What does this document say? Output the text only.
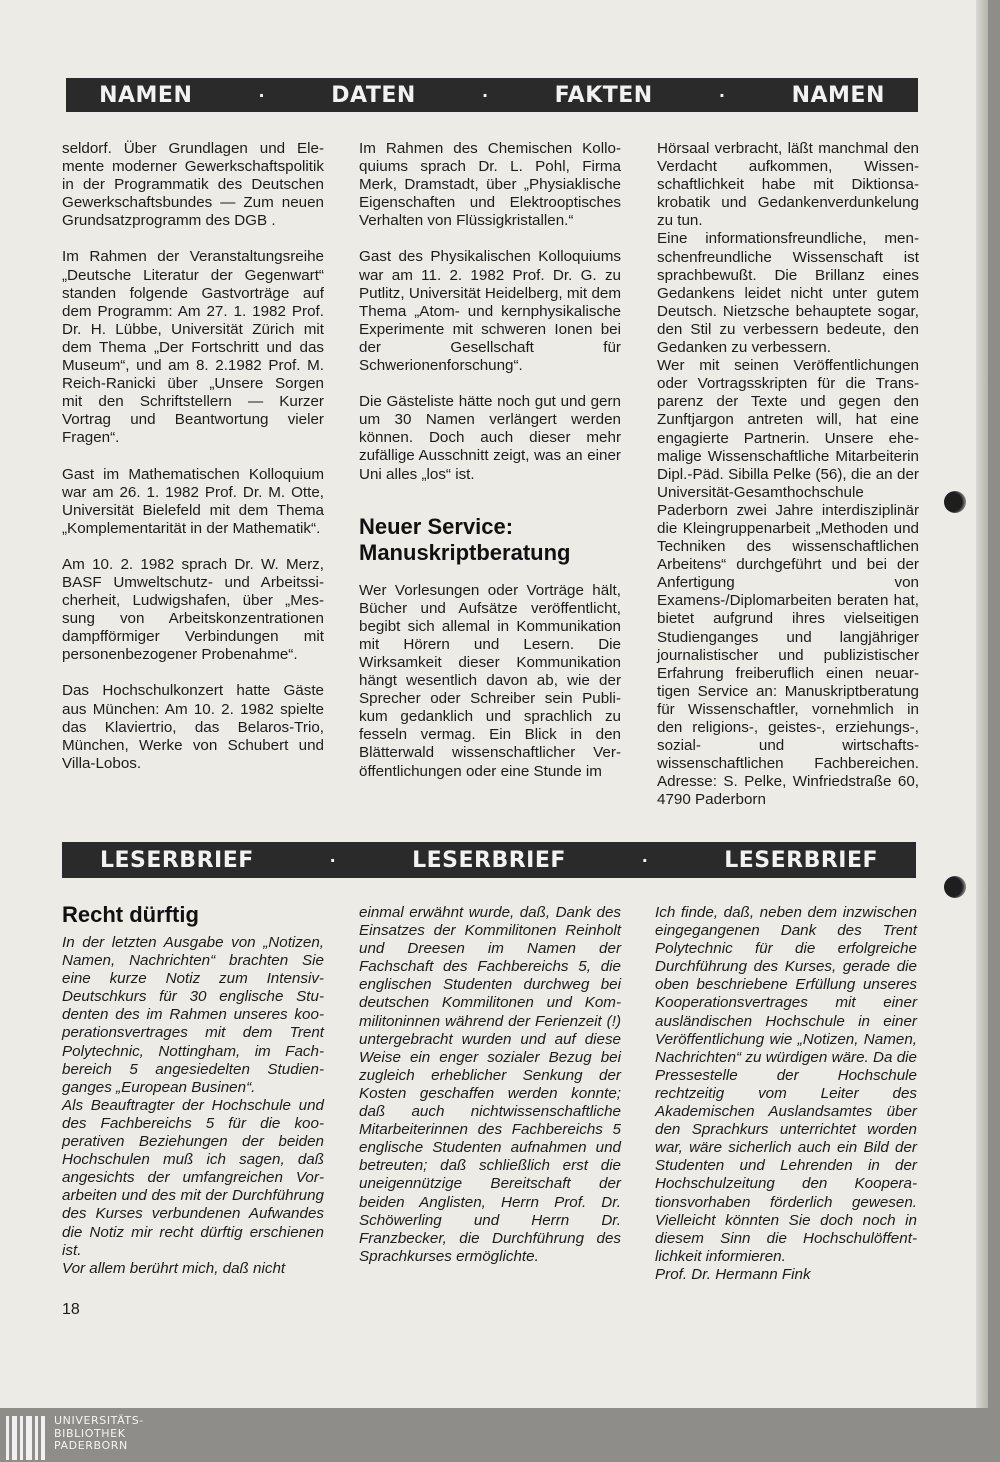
NAMEN	·	DATEN	·	FAKTEN	·	NAMEN

seldorf. Über Grundlagen und Elemente moderner Gewerkschaftspolitik in der Programmatik des Deutschen Gewerkschaftsbundes — Zum neuen Grundsatzprogramm des DGB .

Im Rahmen der Veranstaltungsreihe „Deutsche Literatur der Gegenwart“ standen folgende Gastvorträge auf dem Programm: Am 27. 1. 1982 Prof. Dr. H. Lübbe, Universität Zürich mit dem Thema „Der Fortschritt und das Museum“, und am 8. 2.1982 Prof. M. Reich-Ranicki über „Unsere Sorgen mit den Schriftstellern — Kurzer Vortrag und Beantwortung vieler Fragen“.

Gast im Mathematischen Kolloquium war am 26. 1. 1982 Prof. Dr. M. Otte, Universität Bielefeld mit dem Thema „Komplementarität in der Mathematik“.

Am 10. 2. 1982 sprach Dr. W. Merz, BASF Umweltschutz- und Arbeitssicherheit, Ludwigshafen, über „Messung von Arbeitskonzentrationen dampfförmiger Verbindungen mit personenbezogener Probenahme“.

Das Hochschulkonzert hatte Gäste aus München: Am 10. 2. 1982 spielte das Klaviertrio, das Belaros-Trio, München, Werke von Schubert und Villa-Lobos.

Im Rahmen des Chemischen Kolloquiums sprach Dr. L. Pohl, Firma Merk, Dramstadt, über „Physiaklische Eigenschaften und Elektrooptisches Verhalten von Flüssigkristallen.“

Gast des Physikalischen Kolloquiums war am 11. 2. 1982 Prof. Dr. G. zu Putlitz, Universität Heidelberg, mit dem Thema „Atom- und kernphysikalische Experimente mit schweren Ionen bei der Gesellschaft für Schwerionenforschung“.

Die Gästeliste hätte noch gut und gern um 30 Namen verlängert werden können. Doch auch dieser mehr zufällige Ausschnitt zeigt, was an einer Uni alles „los“ ist.

Neuer Service:
Manuskriptberatung

Wer Vorlesungen oder Vorträge hält, Bücher und Aufsätze veröffentlicht, begibt sich allemal in Kommunikation mit Hörern und Lesern. Die Wirksamkeit dieser Kommunikation hängt wesentlich davon ab, wie der Sprecher oder Schreiber sein Publikum gedanklich und sprachlich zu fesseln vermag. Ein Blick in den Blätterwald wissenschaftlicher Veröffentlichungen oder eine Stunde im

Hörsaal verbracht, läßt manchmal den Verdacht aufkommen, Wissenschaftlichkeit habe mit Diktionsakrobatik und Gedankenverdunkelung zu tun.

Eine informationsfreundliche, menschenfreundliche Wissenschaft ist sprachbewußt. Die Brillanz eines Gedankens leidet nicht unter gutem Deutsch. Nietzsche behauptete sogar, den Stil zu verbessern bedeute, den Gedanken zu verbessern.

Wer mit seinen Veröffentlichungen oder Vortragsskripten für die Transparenz der Texte und gegen den Zunftjargon antreten will, hat eine engagierte Partnerin. Unsere ehemalige Wissenschaftliche Mitarbeiterin Dipl.-Päd. Sibilla Pelke (56), die an der Universität-Gesamthochschule Paderborn zwei Jahre interdisziplinär die Kleingruppenarbeit „Methoden und Techniken des wissenschaftlichen Arbeitens“ durchgeführt und bei der Anfertigung von Examens-/Diplomarbeiten beraten hat, bietet aufgrund ihres vielseitigen Studienganges und langjähriger journalistischer und publizistischer Erfahrung freiberuflich einen neuartigen Service an: Manuskriptberatung für Wissenschaftler, vornehmlich in den religions-, geistes-, erziehungs-, sozial- und wirtschaftswissenschaftlichen Fachbereichen. Adresse: S. Pelke, Winfriedstraße 60, 4790 Paderborn

LESERBRIEF	·	LESERBRIEF	·	LESERBRIEF
Recht dürftig

In der letzten Ausgabe von „Notizen, Namen, Nachrichten“ brachten Sie eine kurze Notiz zum Intensiv-Deutschkurs für 30 englische Studenten des im Rahmen unseres kooperationsvertrages mit dem Trent Polytechnic, Nottingham, im Fachbereich 5 angesiedelten Studienganges „European Businen“.

Als Beauftragter der Hochschule und des Fachbereichs 5 für die kooperativen Beziehungen der beiden Hochschulen muß ich sagen, daß angesichts der umfangreichen Vorarbeiten und des mit der Durchführung des Kurses verbundenen Aufwandes die Notiz mir recht dürftig erschienen ist.

Vor allem berührt mich, daß nicht

einmal erwähnt wurde, daß, Dank des Einsatzes der Kommilitonen Reinholt und Dreesen im Namen der Fachschaft des Fachbereichs 5, die englischen Studenten durchweg bei deutschen Kommilitonen und Kommilitoninnen während der Ferienzeit (!) untergebracht wurden und auf diese Weise ein enger sozialer Bezug bei zugleich erheblicher Senkung der Kosten geschaffen werden konnte; daß auch nichtwissenschaftliche Mitarbeiterinnen des Fachbereichs 5 englische Studenten aufnahmen und betreuten; daß schließlich erst die uneigennützige Bereitschaft der beiden Anglisten, Herrn Prof. Dr. Schöwerling und Herrn Dr. Franzbecker, die Durchführung des Sprachkurses ermöglichte.

Ich finde, daß, neben dem inzwischen eingegangenen Dank des Trent Polytechnic für die erfolgreiche Durchführung des Kurses, gerade die oben beschriebene Erfüllung unseres Kooperationsvertrages mit einer ausländischen Hochschule in einer Veröffentlichung wie „Notizen, Namen, Nachrichten“ zu würdigen wäre. Da die Pressestelle der Hochschule rechtzeitig vom Leiter des Akademischen Auslandsamtes über den Sprachkurs unterrichtet worden war, wäre sicherlich auch ein Bild der Studenten und Lehrenden in der Hochschulzeitung den Kooperationsvorhaben förderlich gewesen. Vielleicht könnten Sie doch noch in diesem Sinn die Hochschulöffentlichkeit informieren.

Prof. Dr. Hermann Fink

18
UNIVERSITÄTS-
BIBLIOTHEK
PADERBORN
